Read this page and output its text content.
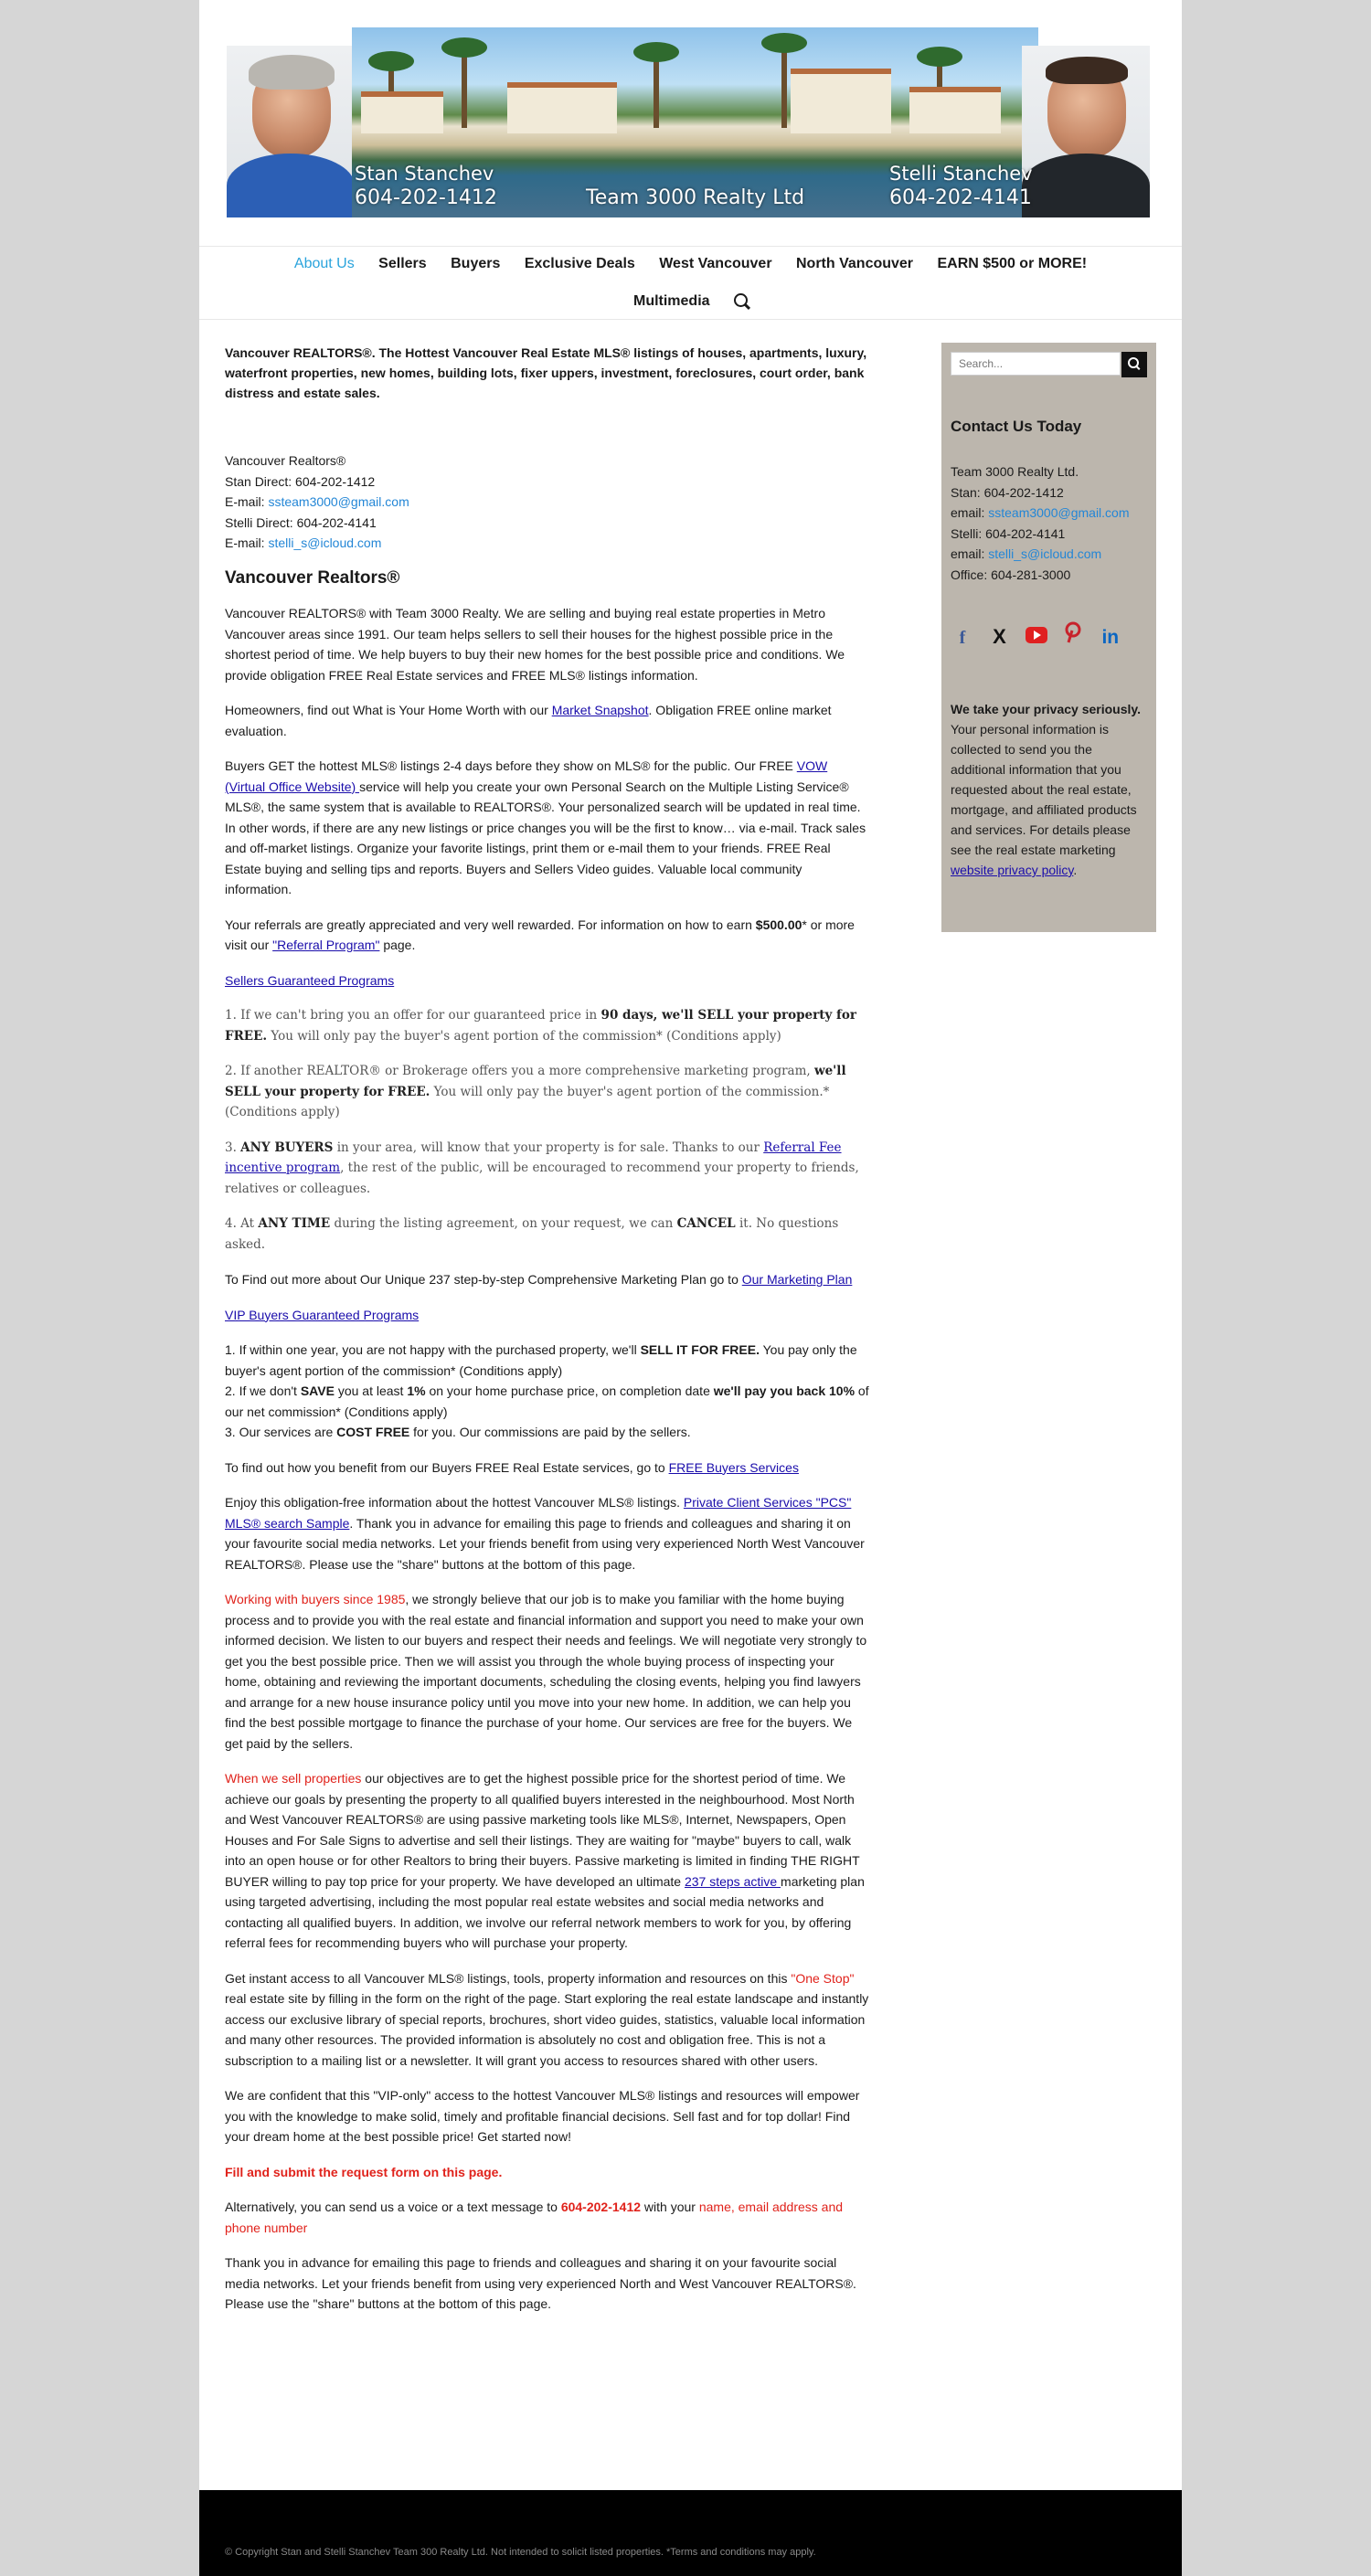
Stan Stanchev
604-202-1412	Team 3000 Realty Ltd
Stelli Stanchev
604-202-4141
About Us Sellers Buyers Exclusive Deals West Vancouver North Vancouver EARN $500 or MORE!
Multimedia

Vancouver REALTORS®. The Hottest Vancouver Real Estate MLS® listings of houses, apartments, luxury, waterfront properties, new homes, building lots, fixer uppers, investment, foreclosures, court order, bank distress and estate sales.

Vancouver Realtors®
Stan Direct: 604-202-1412
E-mail: ssteam3000@gmail.com
Stelli Direct: 604-202-4141
E-mail: stelli_s@icloud.com

Vancouver Realtors®

Vancouver REALTORS® with Team 3000 Realty. We are selling and buying real estate properties in Metro Vancouver areas since 1991. Our team helps sellers to sell their houses for the highest possible price in the shortest period of time. We help buyers to buy their new homes for the best possible price and conditions. We provide obligation FREE Real Estate services and FREE MLS® listings information.

Homeowners, find out What is Your Home Worth with our Market Snapshot. Obligation FREE online market evaluation.

Buyers GET the hottest MLS® listings 2-4 days before they show on MLS® for the public. Our FREE VOW (Virtual Office Website) service will help you create your own Personal Search on the Multiple Listing Service® MLS®, the same system that is available to REALTORS®. Your personalized search will be updated in real time. In other words, if there are any new listings or price changes you will be the first to know… via e-mail. Track sales and off-market listings. Organize your favorite listings, print them or e-mail them to your friends. FREE Real Estate buying and selling tips and reports. Buyers and Sellers Video guides. Valuable local community information.

Your referrals are greatly appreciated and very well rewarded. For information on how to earn $500.00* or more visit our "Referral Program" page.

Sellers Guaranteed Programs

1. If we can't bring you an offer for our guaranteed price in 90 days, we'll SELL your property for FREE. You will only pay the buyer's agent portion of the commission* (Conditions apply)

2. If another REALTOR® or Brokerage offers you a more comprehensive marketing program, we'll SELL your property for FREE. You will only pay the buyer's agent portion of the commission.*(Conditions apply)

3. ANY BUYERS in your area, will know that your property is for sale. Thanks to our Referral Fee incentive program, the rest of the public, will be encouraged to recommend your property to friends, relatives or colleagues.

4. At ANY TIME during the listing agreement, on your request, we can CANCEL it. No questions asked.

To Find out more about Our Unique 237 step-by-step Comprehensive Marketing Plan go to Our Marketing Plan

VIP Buyers Guaranteed Programs

1. If within one year, you are not happy with the purchased property, we'll SELL IT FOR FREE. You pay only the buyer's agent portion of the commission* (Conditions apply)
2. If we don't SAVE you at least 1% on your home purchase price, on completion date we'll pay you back 10% of our net commission* (Conditions apply)
3. Our services are COST FREE for you. Our commissions are paid by the sellers.

To find out how you benefit from our Buyers FREE Real Estate services, go to FREE Buyers Services

Enjoy this obligation-free information about the hottest Vancouver MLS® listings. Private Client Services "PCS" MLS® search Sample. Thank you in advance for emailing this page to friends and colleagues and sharing it on your favourite social media networks. Let your friends benefit from using very experienced North West Vancouver REALTORS®. Please use the "share" buttons at the bottom of this page.

Working with buyers since 1985, we strongly believe that our job is to make you familiar with the home buying process and to provide you with the real estate and financial information and support you need to make your own informed decision. We listen to our buyers and respect their needs and feelings. We will negotiate very strongly to get you the best possible price. Then we will assist you through the whole buying process of inspecting your home, obtaining and reviewing the important documents, scheduling the closing events, helping you find lawyers and arrange for a new house insurance policy until you move into your new home. In addition, we can help you find the best possible mortgage to finance the purchase of your home. Our services are free for the buyers. We get paid by the sellers.

When we sell properties our objectives are to get the highest possible price for the shortest period of time. We achieve our goals by presenting the property to all qualified buyers interested in the neighbourhood. Most North and West Vancouver REALTORS® are using passive marketing tools like MLS®, Internet, Newspapers, Open Houses and For Sale Signs to advertise and sell their listings. They are waiting for "maybe" buyers to call, walk into an open house or for other Realtors to bring their buyers. Passive marketing is limited in finding THE RIGHT BUYER willing to pay top price for your property. We have developed an ultimate 237 steps active marketing plan using targeted advertising, including the most popular real estate websites and social media networks and contacting all qualified buyers. In addition, we involve our referral network members to work for you, by offering referral fees for recommending buyers who will purchase your property.

Get instant access to all Vancouver MLS® listings, tools, property information and resources on this "One Stop" real estate site by filling in the form on the right of the page. Start exploring the real estate landscape and instantly access our exclusive library of special reports, brochures, short video guides, statistics, valuable local information and many other resources. The provided information is absolutely no cost and obligation free. This is not a subscription to a mailing list or a newsletter. It will grant you access to resources shared with other users.

We are confident that this "VIP-only" access to the hottest Vancouver MLS® listings and resources will empower you with the knowledge to make solid, timely and profitable financial decisions. Sell fast and for top dollar! Find your dream home at the best possible price! Get started now!

Fill and submit the request form on this page.

Alternatively, you can send us a voice or a text message to 604-202-1412 with your name, email address and phone number

Thank you in advance for emailing this page to friends and colleagues and sharing it on your favourite social media networks. Let your friends benefit from using very experienced North and West Vancouver REALTORS®. Please use the "share" buttons at the bottom of this page.

Search...
Contact Us Today
Team 3000 Realty Ltd.
Stan: 604-202-1412
email: ssteam3000@gmail.com
Stelli: 604-202-4141
email: stelli_s@icloud.com
Office: 604-281-3000
f X	in
We take your privacy seriously.
Your personal information is collected to send you the additional information that you requested about the real estate, mortgage, and affiliated products and services. For details please see the real estate marketing website privacy policy.
© Copyright Stan and Stelli Stanchev Team 300 Realty Ltd. Not intended to solicit listed properties. *Terms and conditions may apply.
